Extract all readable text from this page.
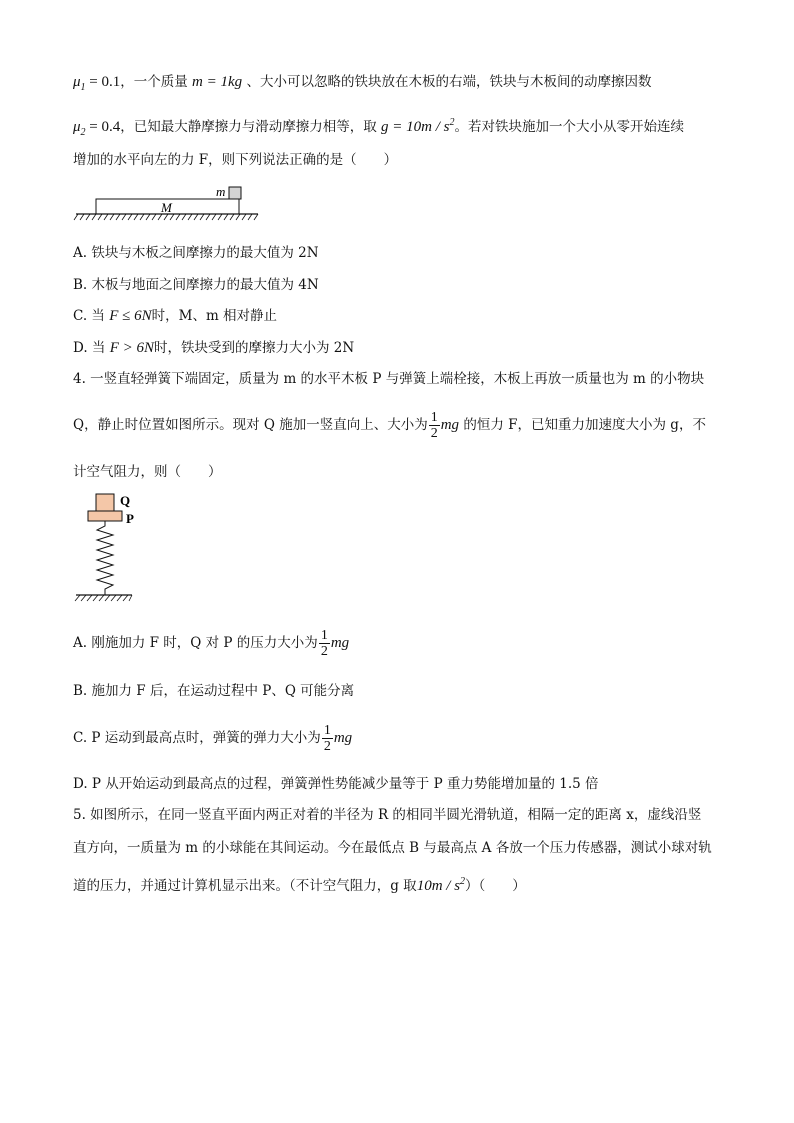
$\mu_1 = 0.1$，一个质量 m = 1kg 、大小可以忽略的铁块放在木板的右端，铁块与木板间的动摩擦因数
$\mu_2 = 0.4$，已知最大静摩擦力与滑动摩擦力相等，取 $g = 10m / s^2$。若对铁块施加一个大小从零开始连续
增加的水平向左的力 F，则下列说法正确的是（　　）
m
M
A. 铁块与木板之间摩擦力的最大值为 2N
B. 木板与地面之间摩擦力的最大值为 4N
C. 当 F ≤ 6N时，M、m 相对静止
D. 当 F > 6N时，铁块受到的摩擦力大小为 2N
4. 一竖直轻弹簧下端固定，质量为 m 的水平木板 P 与弹簧上端栓接，木板上再放一质量也为 m 的小物块
Q，静止时位置如图所示。现对 Q 施加一竖直向上、大小为 $\frac{1}{2}$ mg 的恒力 F，已知重力加速度大小为 g，不
计空气阻力，则（　　）
Q
P
A. 刚施加力 F 时，Q 对 P 的压力大小为 $\frac{1}{2}$ mg
B. 施加力 F 后，在运动过程中 P、Q 可能分离
C. P 运动到最高点时，弹簧的弹力大小为 $\frac{1}{2}$ mg
D. P 从开始运动到最高点的过程，弹簧弹性势能减少量等于 P 重力势能增加量的 1.5 倍
5. 如图所示，在同一竖直平面内两正对着的半径为 R 的相同半圆光滑轨道，相隔一定的距离 x，虚线沿竖
直方向，一质量为 m 的小球能在其间运动。今在最低点 B 与最高点 A 各放一个压力传感器，测试小球对轨
道的压力，并通过计算机显示出来。（不计空气阻力，g 取$10m / s^2$）（　　）
